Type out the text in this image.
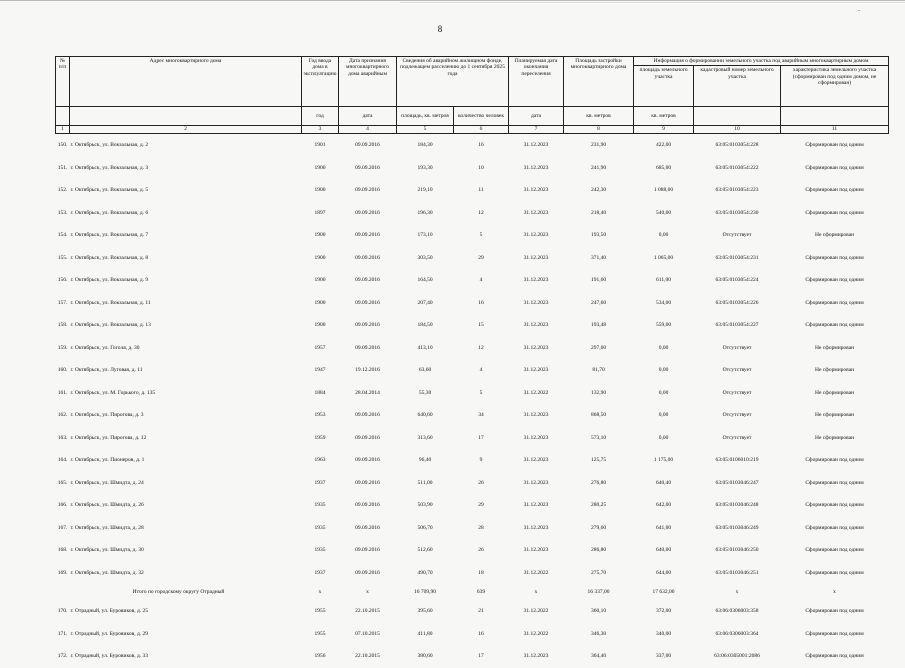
8
-
№ п/п	Адрес многоквартирного дома	Год ввода дома в эксплуатацию	Дата признания многоквартирного дома аварийным	Сведения об аварийном жилищном фонде, подлежащем расселению до 1 сентября 2025 года		Планируемая дата окончания переселения	Площадь застройки многоквартирного дома	Информация о формировании земельного участка под аварийным многоквартирным домом		
								площадь земельного участка	кадастровый номер земельного участка	характеристика земельного участка (сформирован под одним домом, не сформирован)
		год	дата	площадь, кв. метров	количество человек	дата	кв. метров	кв. метров		
1	2	3	4	5	6	7	8	9	10	11
150.	г. Октябрьск, ул. Вокзальная, д. 2	1901	09.09.2016	184,30	16	31.12.2023	231,90	422,00	63:05:0103054:228	Сформирован под одним
151.	г. Октябрьск, ул. Вокзальная, д. 3	1900	09.09.2016	193,30	10	31.12.2023	241,90	685,00	63:05:0103054:222	Сформирован под одним
152.	г. Октябрьск, ул. Вокзальная, д. 5	1900	09.09.2016	219,10	11	31.12.2023	242,30	1 088,00	63:05:0103054:223	Сформирован под одним
153.	г. Октябрьск, ул. Вокзальная, д. 6	1897	09.09.2016	196,30	12	31.12.2023	218,40	540,00	63:05:0103054:230	Сформирован под одним
154.	г. Октябрьск, ул. Вокзальная, д. 7	1900	09.09.2016	173,10	5	31.12.2023	193,50	0,00	Отсутствует	Не сформирован
155.	г. Октябрьск, ул. Вокзальная, д. 8	1900	09.09.2016	303,50	29	31.12.2023	371,40	1 065,00	63:05:0103054:231	Сформирован под одним
156.	г. Октябрьск, ул. Вокзальная, д. 9	1900	09.09.2016	164,50	4	31.12.2023	191,60	611,00	63:05:0103054:224	Сформирован под одним
157.	г. Октябрьск, ул. Вокзальная, д. 11	1900	09.09.2016	207,40	16	31.12.2023	247,60	534,00	63:05:0103054:226	Сформирован под одним
158.	г. Октябрьск, ул. Вокзальная, д. 13	1900	09.09.2016	184,50	15	31.12.2023	193,48	559,00	63:05:0103054:227	Сформирован под одним
159.	г. Октябрьск, ул. Гоголя, д. 30	1957	09.09.2016	413,10	12	31.12.2023	297,00	0,00	Отсутствует	Не сформирован
160.	г. Октябрьск, ул. Луговая, д. 11	1947	19.12.2016	63,60	4	31.12.2023	81,70	0,00	Отсутствует	Не сформирован
161.	г. Октябрьск, ул. М. Горького, д. 135	1884	28.04.2014	55,30	5	31.12.2022	132,90	0,00	Отсутствует	Не сформирован
162.	г. Октябрьск, ул. Пирогова, д. 3	1953	09.09.2016	640,60	34	31.12.2023	868,50	0,00	Отсутствует	Не сформирован
163.	г. Октябрьск, ул. Пирогова, д. 12	1959	09.09.2016	313,60	17	31.12.2023	573,10	0,00	Отсутствует	Не сформирован
164.	г. Октябрьск, ул. Пионеров, д. 1	1963	09.09.2016	96,40	9	31.12.2023	125,75	1 175,00	63:05:0106010:219	Сформирован под одним
165.	г. Октябрьск, ул. Шмидта, д. 24	1937	09.09.2016	511,00	26	31.12.2023	276,80	640,40	63:05:0103046:247	Сформирован под одним
166.	г. Октябрьск, ул. Шмидта, д. 26	1935	09.09.2016	503,90	29	31.12.2023	280,25	642,00	63:05:0103046:248	Сформирован под одним
167.	г. Октябрьск, ул. Шмидта, д. 28	1935	09.09.2016	506,70	28	31.12.2023	279,60	641,00	63:05:0103046:249	Сформирован под одним
168.	г. Октябрьск, ул. Шмидта, д. 30	1935	09.09.2016	512,60	26	31.12.2023	286,80	640,00	63:05:0103046:250	Сформирован под одним
169.	г. Октябрьск, ул. Шмидта, д. 32	1937	09.09.2016	490,70	18	31.12.2022	275,70	644,00	63:05:0103046:251	Сформирован под одним
Итого по городскому округу Отрадный		x	x	16 709,90	639	x	16 337,00	17 632,00	x	x
170.	г. Отрадный, ул. Буровиков, д. 25	1955	22.10.2015	395,60	21	31.12.2022	360,10	372,00	63:06:0306003:358	Сформирован под одним
171.	г. Отрадный, ул. Буровиков, д. 29	1955	07.10.2015	411,80	16	31.12.2022	346,30	340,00	63:06:0306003:364	Сформирован под одним
172.	г. Отрадный, ул. Буровиков, д. 33	1956	22.10.2015	380,60	17	31.12.2023	364,40	337,00	63:06:0305001:2086	Сформирован под одним
